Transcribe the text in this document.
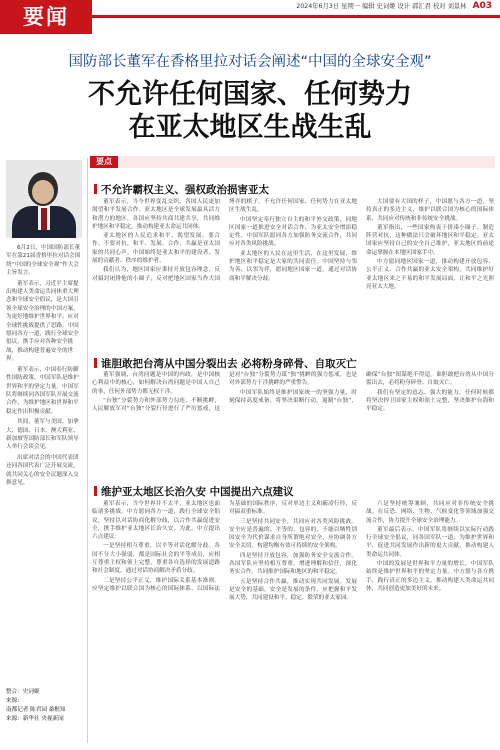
要闻	2024年6月3日 星期一 编辑 史词姬 设计 郭汇君 校对 刘景林 A03
国防部长董军在香格里拉对话会阐述“中国的全球安全观”
不允许任何国家、任何势力
在亚太地区生战生乱
要点

6月2日，中国国防部长董军在第21届香格里拉对话会围绕“中国的全球安全观”作大会主旨发言。

董军表示，习近平主席提出构建人类命运共同体重大理念和全球安全倡议，是大国引领全球安全治理的中国方案，为更好地维护世界和平、应对全球性挑战提供了思路。中国愿同各方一道，践行全球安全倡议，携手应对各种安全挑战，推动构建普遍安全的世界。

董军表示，中国奉行防御性国防政策，中国军队是维护世界和平的坚定力量。中国军队将继续同各国军队开展交流合作，为维护地区和世界和平稳定作出积极贡献。

其间，董军与美国、加拿大、德国、日本、澳大利亚、新加坡等国防部长和军队领导人举行会谈会见。

出席对话会的中国代表团还同各国代表广泛开展交流，就共同关心的安全议题深入交换意见。

整合：史词姬
来源：
南都记者 陈君园 桑楷知
来源：新华社 央视新闻
不允许霸权主义、强权政治损害亚太

董军表示，当今世界变乱交织，各国人民更加渴望和平发展合作。亚太地区是全球发展最具活力和潜力的地区，各国应坚持共商共建共享，共同维护地区和平稳定，推动构建亚太命运共同体。

亚太地区的人民追求和平、渴望发展、要合作、不要对抗，和平、发展、合作、共赢是亚太国家的共同心声。中国始终是亚太和平的建设者、发展的贡献者、秩序的维护者。

我们认为，地区国家应秉持开放包容理念，反对搞封闭排他的小圈子，反对把地区国家当作大国博弈的棋子，不允许任何国家、任何势力在亚太地区生战生乱。

中国坚定奉行独立自主的和平外交政策，同地区国家一道推进安全对话合作，为亚太安全增添稳定性。中国军队愿同各方加强防务交流合作，共同应对各类风险挑战。

亚太地区的人民在这里生活、在这里发展，维护地区和平稳定是大家的共同责任。中国坚持与邻为善、以邻为伴，愿同地区国家一道，通过对话协商和平解决分歧。

大国要有大国的样子，中国愿与各方一道，坚持真正的多边主义，维护以联合国为核心的国际体系，共同应对传统和非传统安全挑战。

董军指出，一些国家热衷于拼凑小圈子、制造阵营对抗，这种做法只会破坏地区和平稳定。亚太国家应坚持自己的安全自己维护，亚太地区的前途命运掌握在本地区国家手中。

中方愿同地区国家一道，推动构建开放包容、公平正义、合作共赢的亚太安全架构，共同维护好亚太地区来之不易的和平发展局面，让和平之光照亮亚太大地。

谁胆敢把台湾从中国分裂出去 必将粉身碎骨、自取灭亡

董军强调，台湾问题是中国的内政，是中国核心利益中的核心，如何解决台湾问题是中国人自己的事，任何外部势力都无权干涉。

“台独”分裂势力和外部势力勾连、不断挑衅，人民解放军对“台独”分裂行径进行了严厉惩戒，这是对“台独”分裂势力谋“独”挑衅的强力惩戒，也是对外部势力干涉挑衅的严重警告。

中国军队始终是维护国家统一的坚强力量，时刻保持高度戒备，将坚决果断行动，遏制“台独”，确保“台独”图谋绝不得逞。谁胆敢把台湾从中国分裂出去，必将粉身碎骨、自取灭亡。

我们有坚定的意志、强大的能力，任何时候都将坚决捍卫国家主权和领土完整，坚决维护台海和平稳定。

维护亚太地区长治久安 中国提出六点建议

董军表示，当今世界并不太平，亚太地区也面临诸多挑战。中方愿同各方一道，践行全球安全倡议，坚持以对话协商化解分歧，以合作共赢促进安全，携手维护亚太地区长治久安。为此，中方提出六点建议：

一是坚持相互尊重，以平等对话化解分歧。各国不分大小强弱，都是国际社会的平等成员，应相互尊重主权和领土完整，尊重各自选择的发展道路和社会制度，通过对话协商解决矛盾分歧。

二是坚持公平正义，维护国际关系基本准则。应坚定维护以联合国为核心的国际体系、以国际法为基础的国际秩序，反对单边主义和霸凌行径，反对搞双重标准。

三是坚持共同安全，共同应对各类风险挑战。安全应是普遍的、平等的、包容的，不能以牺牲别国安全为代价谋求自身所谓绝对安全，应协调各方安全关切，构建均衡有效可持续的安全架构。

四是坚持开放包容，加强防务安全交流合作。各国军队应坚持相互尊重，增进理解和信任，深化务实合作，共同维护国际和地区的和平稳定。

五是坚持合作共赢，推动实现共同发展。发展是安全的基础，安全是发展的条件，应把握和平发展大势，共同建设和平、稳定、繁荣的亚太家园。

六是坚持统筹兼顾，共同应对非传统安全挑战。在反恐、网络、生物、气候变化等领域加强交流合作，协力提升全球安全治理能力。

董军最后表示，中国军队将继续以实际行动践行全球安全倡议，同各国军队一道，为维护世界和平、促进共同发展作出新的更大贡献，推动构建人类命运共同体。

中国的发展是世界和平力量的增长，中国军队始终是维护世界和平的坚定力量。中方愿与各方携手，践行真正的多边主义，推动构建人类命运共同体，共同创造更加美好的未来。
